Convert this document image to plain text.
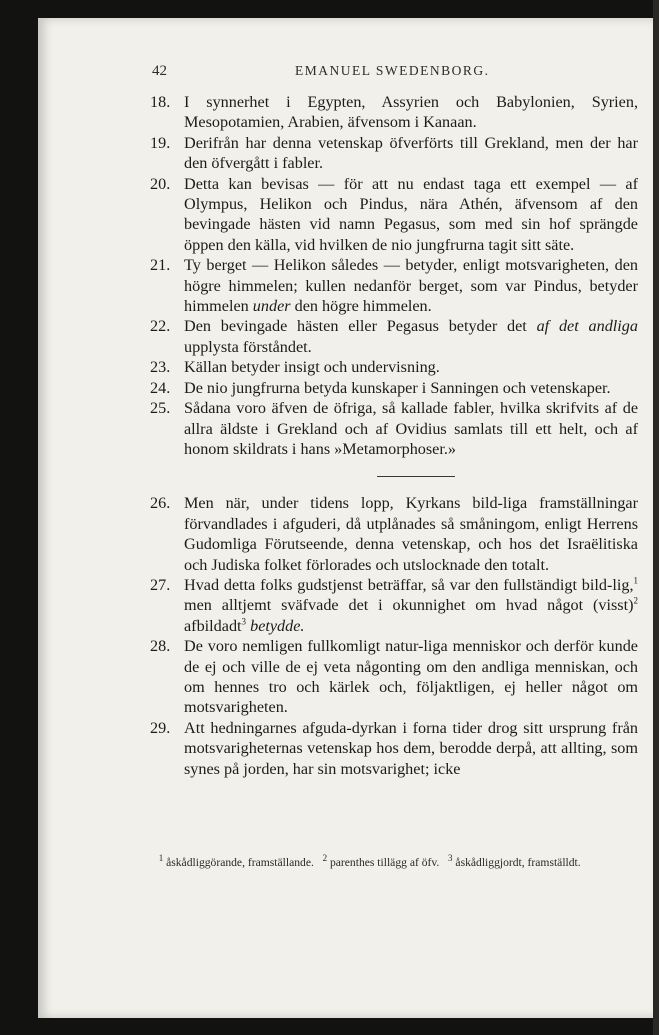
42	EMANUEL SWEDENBORG.
18. I synnerhet i Egypten, Assyrien och Babylonien, Syrien, Mesopotamien, Arabien, äfvensom i Kanaan.
19. Derifrån har denna vetenskap öfverförts till Grekland, men der har den öfvergått i fabler.
20. Detta kan bevisas — för att nu endast taga ett exempel — af Olympus, Helikon och Pindus, nära Athén, äfvensom af den bevingade hästen vid namn Pegasus, som med sin hof sprängde öppen den källa, vid hvilken de nio jungfrurna tagit sitt säte.
21. Ty berget — Helikon således — betyder, enligt motsvarigheten, den högre himmelen; kullen nedanför berget, som var Pindus, betyder himmelen under den högre himmelen.
22. Den bevingade hästen eller Pegasus betyder det af det andliga upplysta förståndet.
23. Källan betyder insigt och undervisning.
24. De nio jungfrurna betyda kunskaper i Sanningen och vetenskaper.
25. Sådana voro äfven de öfriga, så kallade fabler, hvilka skrifvits af de allra äldste i Grekland och af Ovidius samlats till ett helt, och af honom skildrats i hans »Metamorphoser.»
26. Men när, under tidens lopp, Kyrkans bild-liga framställningar förvandlades i afguderi, då utplånades så småningom, enligt Herrens Gudomliga Förutseende, denna vetenskap, och hos det Israëlitiska och Judiska folket förlorades och utslocknade den totalt.
27. Hvad detta folks gudstjenst beträffar, så var den fullständigt bild-lig,$^1$ men alltjemt sväfvade det i okunnighet om hvad något (visst)$^2$ afbildadt$^3$ betydde.
28. De voro nemligen fullkomligt natur-liga menniskor och derför kunde de ej och ville de ej veta någonting om den andliga menniskan, och om hennes tro och kärlek och, följaktligen, ej heller något om motsvarigheten.
29. Att hedningarnes afguda-dyrkan i forna tider drog sitt ursprung från motsvarigheternas vetenskap hos dem, berodde derpå, att allting, som synes på jorden, har sin motsvarighet; icke
$^1$ åskådliggörande, framställande. $^2$ parenthes tillägg af öfv. $^3$ åskådliggjordt, framställdt.
